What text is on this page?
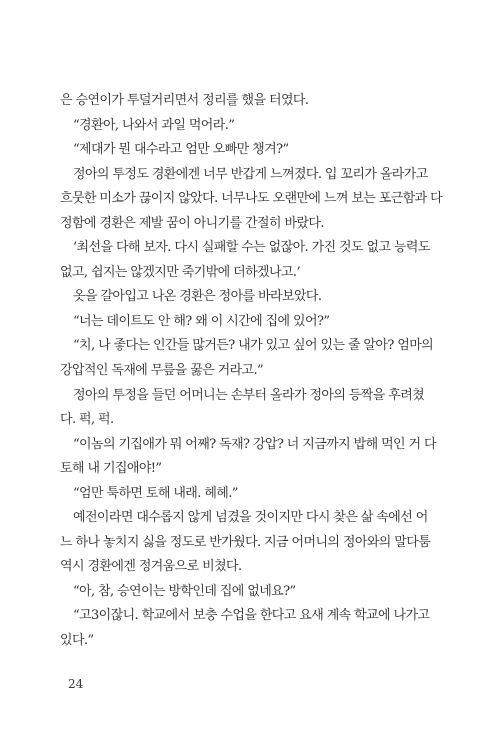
은 승연이가 투덜거리면서 정리를 했을 터였다.
“경환아, 나와서 과일 먹어라.”
“제대가 뭔 대수라고 엄만 오빠만 챙겨?”
정아의 투정도 경환에겐 너무 반갑게 느껴졌다. 입 꼬리가 올라가고
흐뭇한 미소가 끊이지 않았다. 너무나도 오랜만에 느껴 보는 포근함과 다
정함에 경환은 제발 꿈이 아니기를 간절히 바랐다.
‘최선을 다해 보자. 다시 실패할 수는 없잖아. 가진 것도 없고 능력도
없고, 쉽지는 않겠지만 죽기밖에 더하겠나고.’
옷을 갈아입고 나온 경환은 정아를 바라보았다.
“너는 데이트도 안 해? 왜 이 시간에 집에 있어?”
“치, 나 좋다는 인간들 많거든? 내가 있고 싶어 있는 줄 알아? 엄마의
강압적인 독재에 무릎을 꿇은 거라고.”
정아의 투정을 들던 어머니는 손부터 올라가 정아의 등짝을 후려쳤
다. 퍽, 퍽.
“이놈의 기집애가 뭐 어째? 독재? 강압? 너 지금까지 밥해 먹인 거 다
토해 내 기집애야!”
“엄만 툭하면 토해 내래. 헤헤.”
예전이라면 대수롭지 않게 넘겼을 것이지만 다시 찾은 삶 속에선 어
느 하나 놓치지 싫을 정도로 반가웠다. 지금 어머니의 정아와의 말다툼
역시 경환에겐 정겨움으로 비쳤다.
“아, 참, 승연이는 방학인데 집에 없네요?”
“고3이잖니. 학교에서 보충 수업을 한다고 요새 계속 학교에 나가고
있다.”
24
